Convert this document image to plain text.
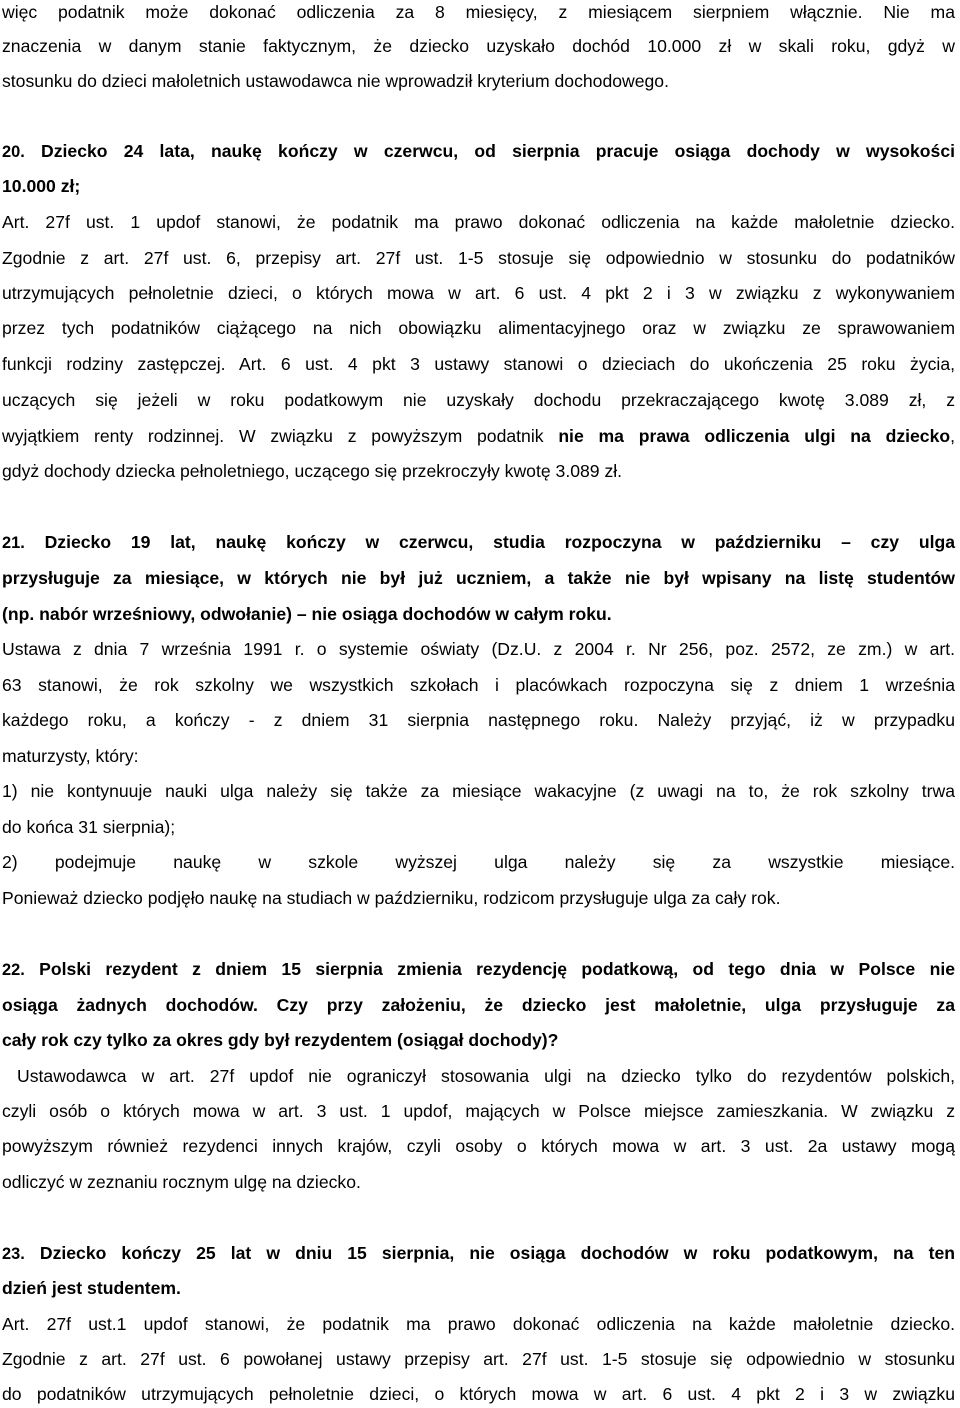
więc podatnik może dokonać odliczenia za 8 miesięcy, z miesiącem sierpniem włącznie. Nie ma
znaczenia w danym stanie faktycznym, że dziecko uzyskało dochód 10.000 zł w skali roku, gdyż w
stosunku do dzieci małoletnich ustawodawca nie wprowadził kryterium dochodowego.
20. Dziecko 24 lata, naukę kończy w czerwcu, od sierpnia pracuje osiąga dochody w wysokości
10.000 zł;
Art. 27f ust. 1 updof stanowi, że podatnik ma prawo dokonać odliczenia na każde małoletnie dziecko.
Zgodnie z art. 27f ust. 6, przepisy art. 27f ust. 1-5 stosuje się odpowiednio w stosunku do podatników
utrzymujących pełnoletnie dzieci, o których mowa w art. 6 ust. 4 pkt 2 i 3 w związku z wykonywaniem
przez tych podatników ciążącego na nich obowiązku alimentacyjnego oraz w związku ze sprawowaniem
funkcji rodziny zastępczej. Art. 6 ust. 4 pkt 3 ustawy stanowi o dzieciach do ukończenia 25 roku życia,
uczących się jeżeli w roku podatkowym nie uzyskały dochodu przekraczającego kwotę 3.089 zł, z
wyjątkiem renty rodzinnej. W związku z powyższym podatnik nie ma prawa odliczenia ulgi na dziecko,
gdyż dochody dziecka pełnoletniego, uczącego się przekroczyły kwotę 3.089 zł.
21. Dziecko 19 lat, naukę kończy w czerwcu, studia rozpoczyna w październiku – czy ulga
przysługuje za miesiące, w których nie był już uczniem, a także nie był wpisany na listę studentów
(np. nabór wrześniowy, odwołanie) – nie osiąga dochodów w całym roku.
Ustawa z dnia 7 września 1991 r. o systemie oświaty (Dz.U. z 2004 r. Nr 256, poz. 2572, ze zm.) w art.
63 stanowi, że rok szkolny we wszystkich szkołach i placówkach rozpoczyna się z dniem 1 września
każdego roku, a kończy - z dniem 31 sierpnia następnego roku. Należy przyjąć, iż w przypadku
maturzysty, który:
1) nie kontynuuje nauki ulga należy się także za miesiące wakacyjne (z uwagi na to, że rok szkolny trwa
do końca 31 sierpnia);
2) podejmuje naukę w szkole wyższej ulga należy się za wszystkie miesiące.
Ponieważ dziecko podjęło naukę na studiach w październiku, rodzicom przysługuje ulga za cały rok.
22. Polski rezydent z dniem 15 sierpnia zmienia rezydencję podatkową, od tego dnia w Polsce nie
osiąga żadnych dochodów. Czy przy założeniu, że dziecko jest małoletnie, ulga przysługuje za
cały rok czy tylko za okres gdy był rezydentem (osiągał dochody)?
Ustawodawca w art. 27f updof nie ograniczył stosowania ulgi na dziecko tylko do rezydentów polskich,
czyli osób o których mowa w art. 3 ust. 1 updof, mających w Polsce miejsce zamieszkania. W związku z
powyższym również rezydenci innych krajów, czyli osoby o których mowa w art. 3 ust. 2a ustawy mogą
odliczyć w zeznaniu rocznym ulgę na dziecko.
23. Dziecko kończy 25 lat w dniu 15 sierpnia, nie osiąga dochodów w roku podatkowym, na ten
dzień jest studentem.
Art. 27f ust.1 updof stanowi, że podatnik ma prawo dokonać odliczenia na każde małoletnie dziecko.
Zgodnie z art. 27f ust. 6 powołanej ustawy przepisy art. 27f ust. 1-5 stosuje się odpowiednio w stosunku
do podatników utrzymujących pełnoletnie dzieci, o których mowa w art. 6 ust. 4 pkt 2 i 3 w związku
